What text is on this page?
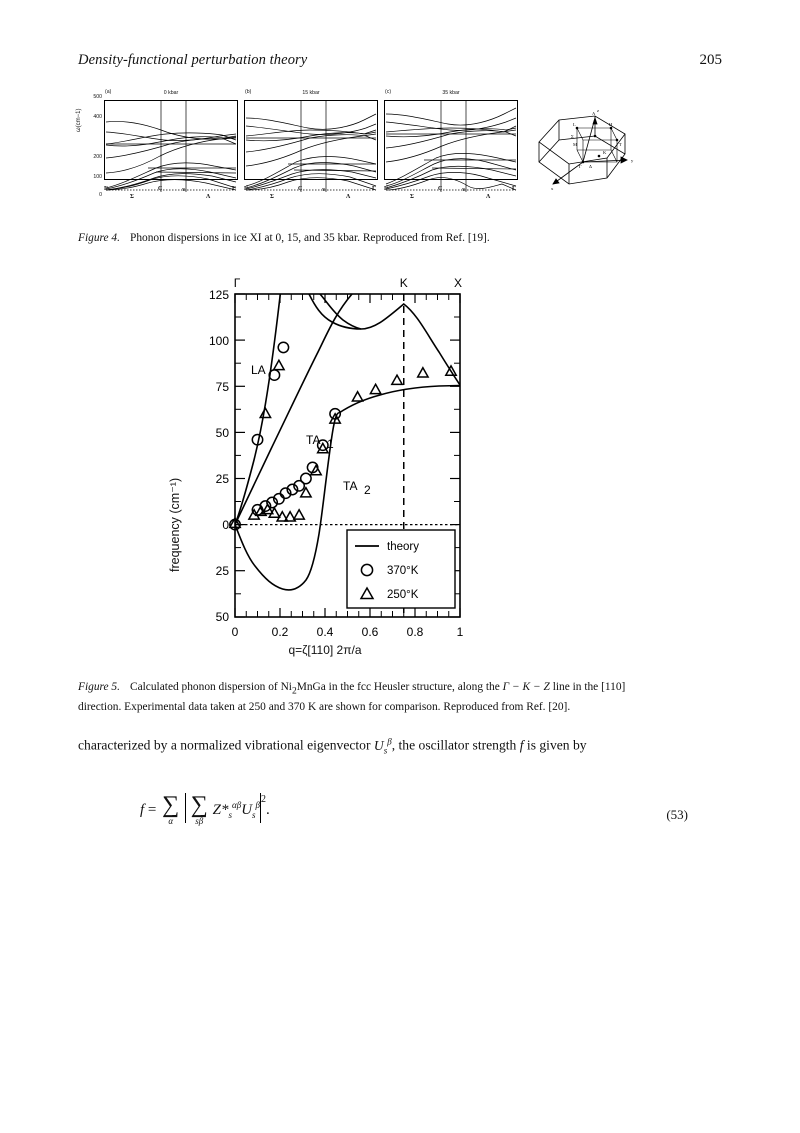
Density-functional perturbation theory	205
ω(cm−1)
500
400
200
100
0
(a)	0 kbar
Γ
Σ
C	Y
Λ
Γ
(b)	15 kbar
Γ
Σ
C	Y
Λ
Γ
(c)	35 kbar
Γ
Σ
C	Y
Λ
Γ
A
H
L
M
K
Γ Δ
Σ
T
z
x
y
Figure 4. Phonon dispersions in ice XI at 0, 15, and 35 kbar. Reproduced from Ref. [19].
frequency (cm⁻¹)
q=ζ[110] 2π/a
125
100
75
50
25
0
25
50
0	0.2 0.4 0.6 0.8	1
Γ	K	X
LA
TA 1
TA 2
theory
370°K
250°K
Figure 5. Calculated phonon dispersion of $Ni_2MnGa$ in the fcc Heusler structure, along the Γ − K − Z line in the [110] direction. Experimental data taken at 250 and 370 K are shown for comparison. Reproduced from Ref. [20].
characterized by a normalized vibrational eigenvector $U_s^\beta$, the oscillator strength f is given by
f = ∑
α

∑
sβ
$Z*_s^{\alpha\beta}U_s^{\beta 2}$.	(53)
